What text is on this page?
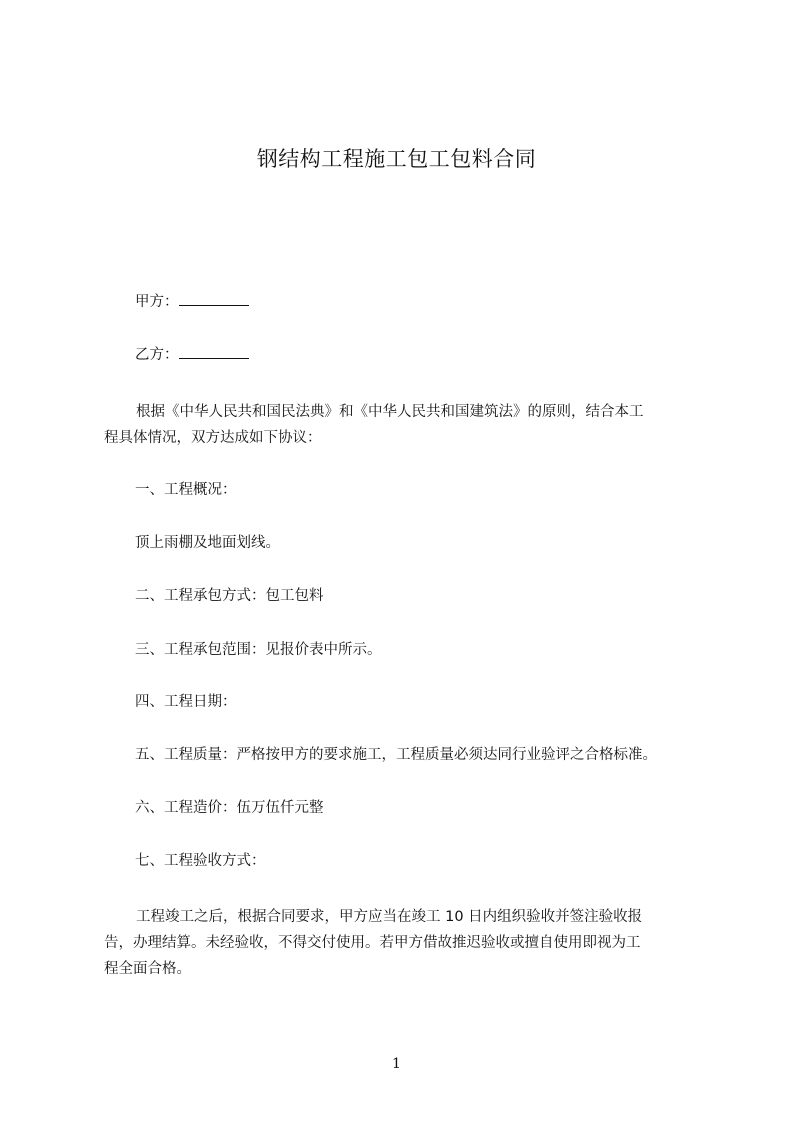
钢结构工程施工包工包料合同
甲方：
乙方：
根据《中华人民共和国民法典》和《中华人民共和国建筑法》的原则，结合本工
程具体情况，双方达成如下协议：
一、工程概况：
顶上雨棚及地面划线。
二、工程承包方式：包工包料
三、工程承包范围：见报价表中所示。
四、工程日期：
五、工程质量：严格按甲方的要求施工，工程质量必须达同行业验评之合格标准。
六、工程造价：伍万伍仟元整
七、工程验收方式：
工程竣工之后，根据合同要求，甲方应当在竣工 10 日内组织验收并签注验收报
告，办理结算。未经验收，不得交付使用。若甲方借故推迟验收或擅自使用即视为工
程全面合格。
1
